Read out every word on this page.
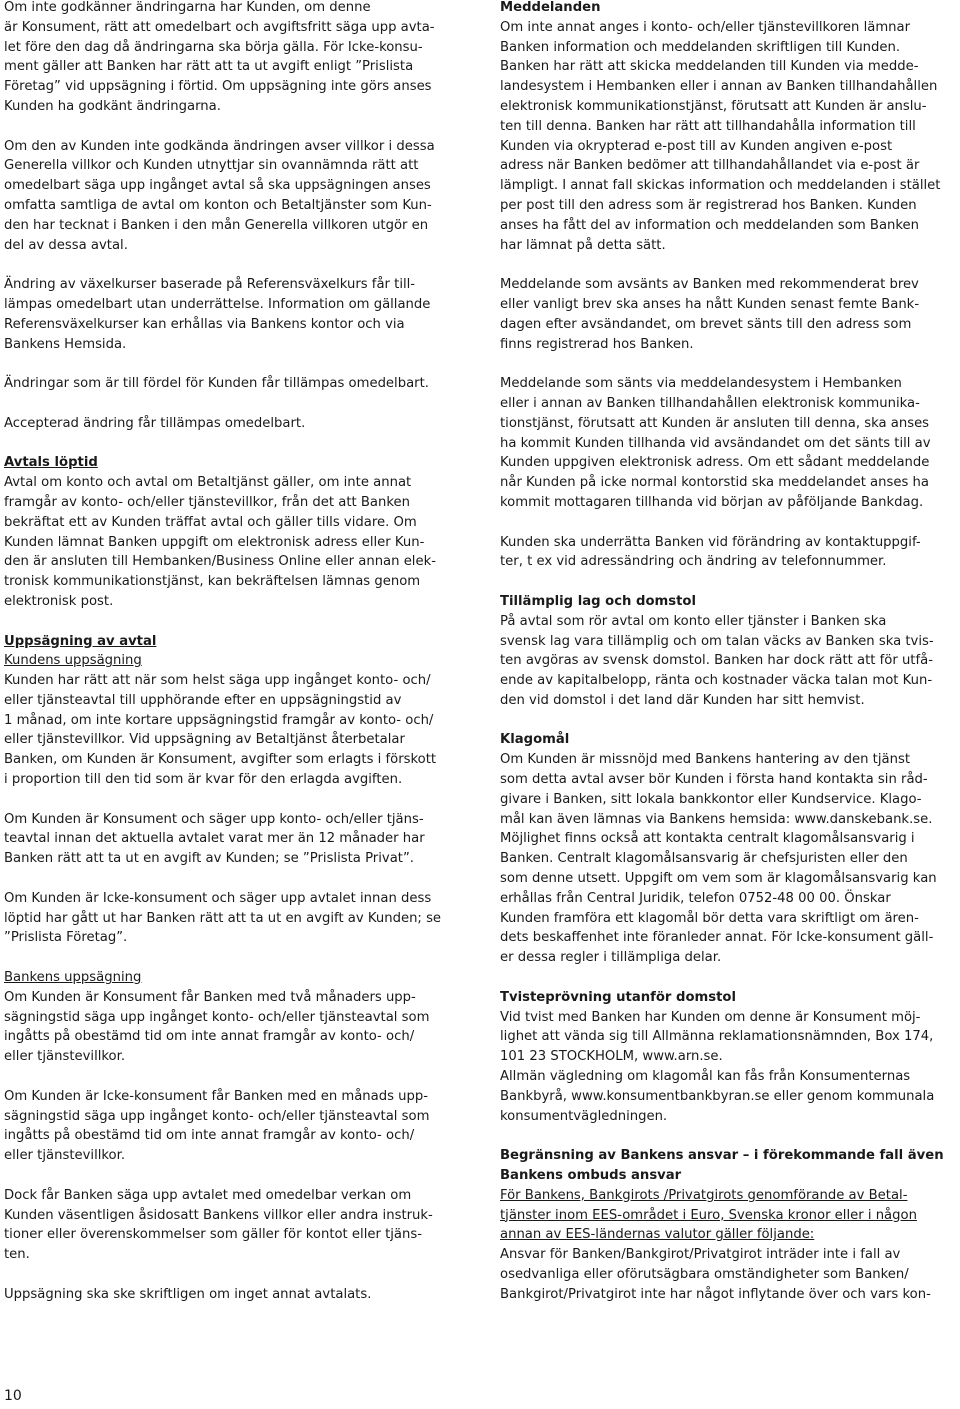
Om inte godkänner ändringarna har Kunden, om denne
är Konsument, rätt att omedelbart och avgiftsfritt säga upp avta-
let före den dag då ändringarna ska börja gälla. För Icke-konsu-
ment gäller att Banken har rätt att ta ut avgift enligt ”Prislista
Företag” vid uppsägning i förtid. Om uppsägning inte görs anses
Kunden ha godkänt ändringarna.

Om den av Kunden inte godkända ändringen avser villkor i dessa
Generella villkor och Kunden utnyttjar sin ovannämnda rätt att
omedelbart säga upp ingånget avtal så ska uppsägningen anses
omfatta samtliga de avtal om konton och Betaltjänster som Kun-
den har tecknat i Banken i den mån Generella villkoren utgör en
del av dessa avtal.

Ändring av växelkurser baserade på Referensväxelkurs får till-
lämpas omedelbart utan underrättelse. Information om gällande
Referensväxelkurser kan erhållas via Bankens kontor och via
Bankens Hemsida.

Ändringar som är till fördel för Kunden får tillämpas omedelbart.

Accepterad ändring får tillämpas omedelbart.

Avtals löptid

Avtal om konto och avtal om Betaltjänst gäller, om inte annat
framgår av konto- och/eller tjänstevillkor, från det att Banken
bekräftat ett av Kunden träffat avtal och gäller tills vidare. Om
Kunden lämnat Banken uppgift om elektronisk adress eller Kun-
den är ansluten till Hembanken/Business Online eller annan elek-
tronisk kommunikationstjänst, kan bekräftelsen lämnas genom
elektronisk post.

Uppsägning av avtal
Kundens uppsägning

Kunden har rätt att när som helst säga upp ingånget konto- och/
eller tjänsteavtal till upphörande efter en uppsägningstid av
1 månad, om inte kortare uppsägningstid framgår av konto- och/
eller tjänstevillkor. Vid uppsägning av Betaltjänst återbetalar
Banken, om Kunden är Konsument, avgifter som erlagts i förskott
i proportion till den tid som är kvar för den erlagda avgiften.

Om Kunden är Konsument och säger upp konto- och/eller tjäns-
teavtal innan det aktuella avtalet varat mer än 12 månader har
Banken rätt att ta ut en avgift av Kunden; se ”Prislista Privat”.

Om Kunden är Icke-konsument och säger upp avtalet innan dess
löptid har gått ut har Banken rätt att ta ut en avgift av Kunden; se
”Prislista Företag”.

Bankens uppsägning

Om Kunden är Konsument får Banken med två månaders upp-
sägningstid säga upp ingånget konto- och/eller tjänsteavtal som
ingåtts på obestämd tid om inte annat framgår av konto- och/
eller tjänstevillkor.

Om Kunden är Icke-konsument får Banken med en månads upp-
sägningstid säga upp ingånget konto- och/eller tjänsteavtal som
ingåtts på obestämd tid om inte annat framgår av konto- och/
eller tjänstevillkor.

Dock får Banken säga upp avtalet med omedelbar verkan om
Kunden väsentligen åsidosatt Bankens villkor eller andra instruk-
tioner eller överenskommelser som gäller för kontot eller tjäns-
ten.

Uppsägning ska ske skriftligen om inget annat avtalats.

Meddelanden

Om inte annat anges i konto- och/eller tjänstevillkoren lämnar
Banken information och meddelanden skriftligen till Kunden.
Banken har rätt att skicka meddelanden till Kunden via medde-
landesystem i Hembanken eller i annan av Banken tillhandahållen
elektronisk kommunikationstjänst, förutsatt att Kunden är anslu-
ten till denna. Banken har rätt att tillhandahålla information till
Kunden via okrypterad e-post till av Kunden angiven e-post
adress när Banken bedömer att tillhandahållandet via e-post är
lämpligt. I annat fall skickas information och meddelanden i stället
per post till den adress som är registrerad hos Banken. Kunden
anses ha fått del av information och meddelanden som Banken
har lämnat på detta sätt.

Meddelande som avsänts av Banken med rekommenderat brev
eller vanligt brev ska anses ha nått Kunden senast femte Bank-
dagen efter avsändandet, om brevet sänts till den adress som
finns registrerad hos Banken.

Meddelande som sänts via meddelandesystem i Hembanken
eller i annan av Banken tillhandahållen elektronisk kommunika-
tionstjänst, förutsatt att Kunden är ansluten till denna, ska anses
ha kommit Kunden tillhanda vid avsändandet om det sänts till av
Kunden uppgiven elektronisk adress. Om ett sådant meddelande
når Kunden på icke normal kontorstid ska meddelandet anses ha
kommit mottagaren tillhanda vid början av påföljande Bankdag.

Kunden ska underrätta Banken vid förändring av kontaktuppgif-
ter, t ex vid adressändring och ändring av telefonnummer.

Tillämplig lag och domstol

På avtal som rör avtal om konto eller tjänster i Banken ska
svensk lag vara tillämplig och om talan väcks av Banken ska tvis-
ten avgöras av svensk domstol. Banken har dock rätt att för utfå-
ende av kapitalbelopp, ränta och kostnader väcka talan mot Kun-
den vid domstol i det land där Kunden har sitt hemvist.

Klagomål

Om Kunden är missnöjd med Bankens hantering av den tjänst
som detta avtal avser bör Kunden i första hand kontakta sin råd-
givare i Banken, sitt lokala bankkontor eller Kundservice. Klago-
mål kan även lämnas via Bankens hemsida: www.danskebank.se.
Möjlighet finns också att kontakta centralt klagomålsansvarig i
Banken. Centralt klagomålsansvarig är chefsjuristen eller den
som denne utsett. Uppgift om vem som är klagomålsansvarig kan
erhållas från Central Juridik, telefon 0752-48 00 00. Önskar
Kunden framföra ett klagomål bör detta vara skriftligt om ären-
dets beskaffenhet inte föranleder annat. För Icke-konsument gäll-
er dessa regler i tillämpliga delar.

Tvisteprövning utanför domstol

Vid tvist med Banken har Kunden om denne är Konsument möj-
lighet att vända sig till Allmänna reklamationsnämnden, Box 174,
101 23 STOCKHOLM, www.arn.se.
Allmän vägledning om klagomål kan fås från Konsumenternas
Bankbyrå, www.konsumentbankbyran.se eller genom kommunala
konsumentvägledningen.

Begränsning av Bankens ansvar – i förekommande fall även
Bankens ombuds ansvar
För Bankens, Bankgirots /Privatgirots genomförande av Betal-
tjänster inom EES-området i Euro, Svenska kronor eller i någon
annan av EES-ländernas valutor gäller följande:

Ansvar för Banken/Bankgirot/Privatgirot inträder inte i fall av
osedvanliga eller oförutsägbara omständigheter som Banken/
Bankgirot/Privatgirot inte har något inflytande över och vars kon-

10
